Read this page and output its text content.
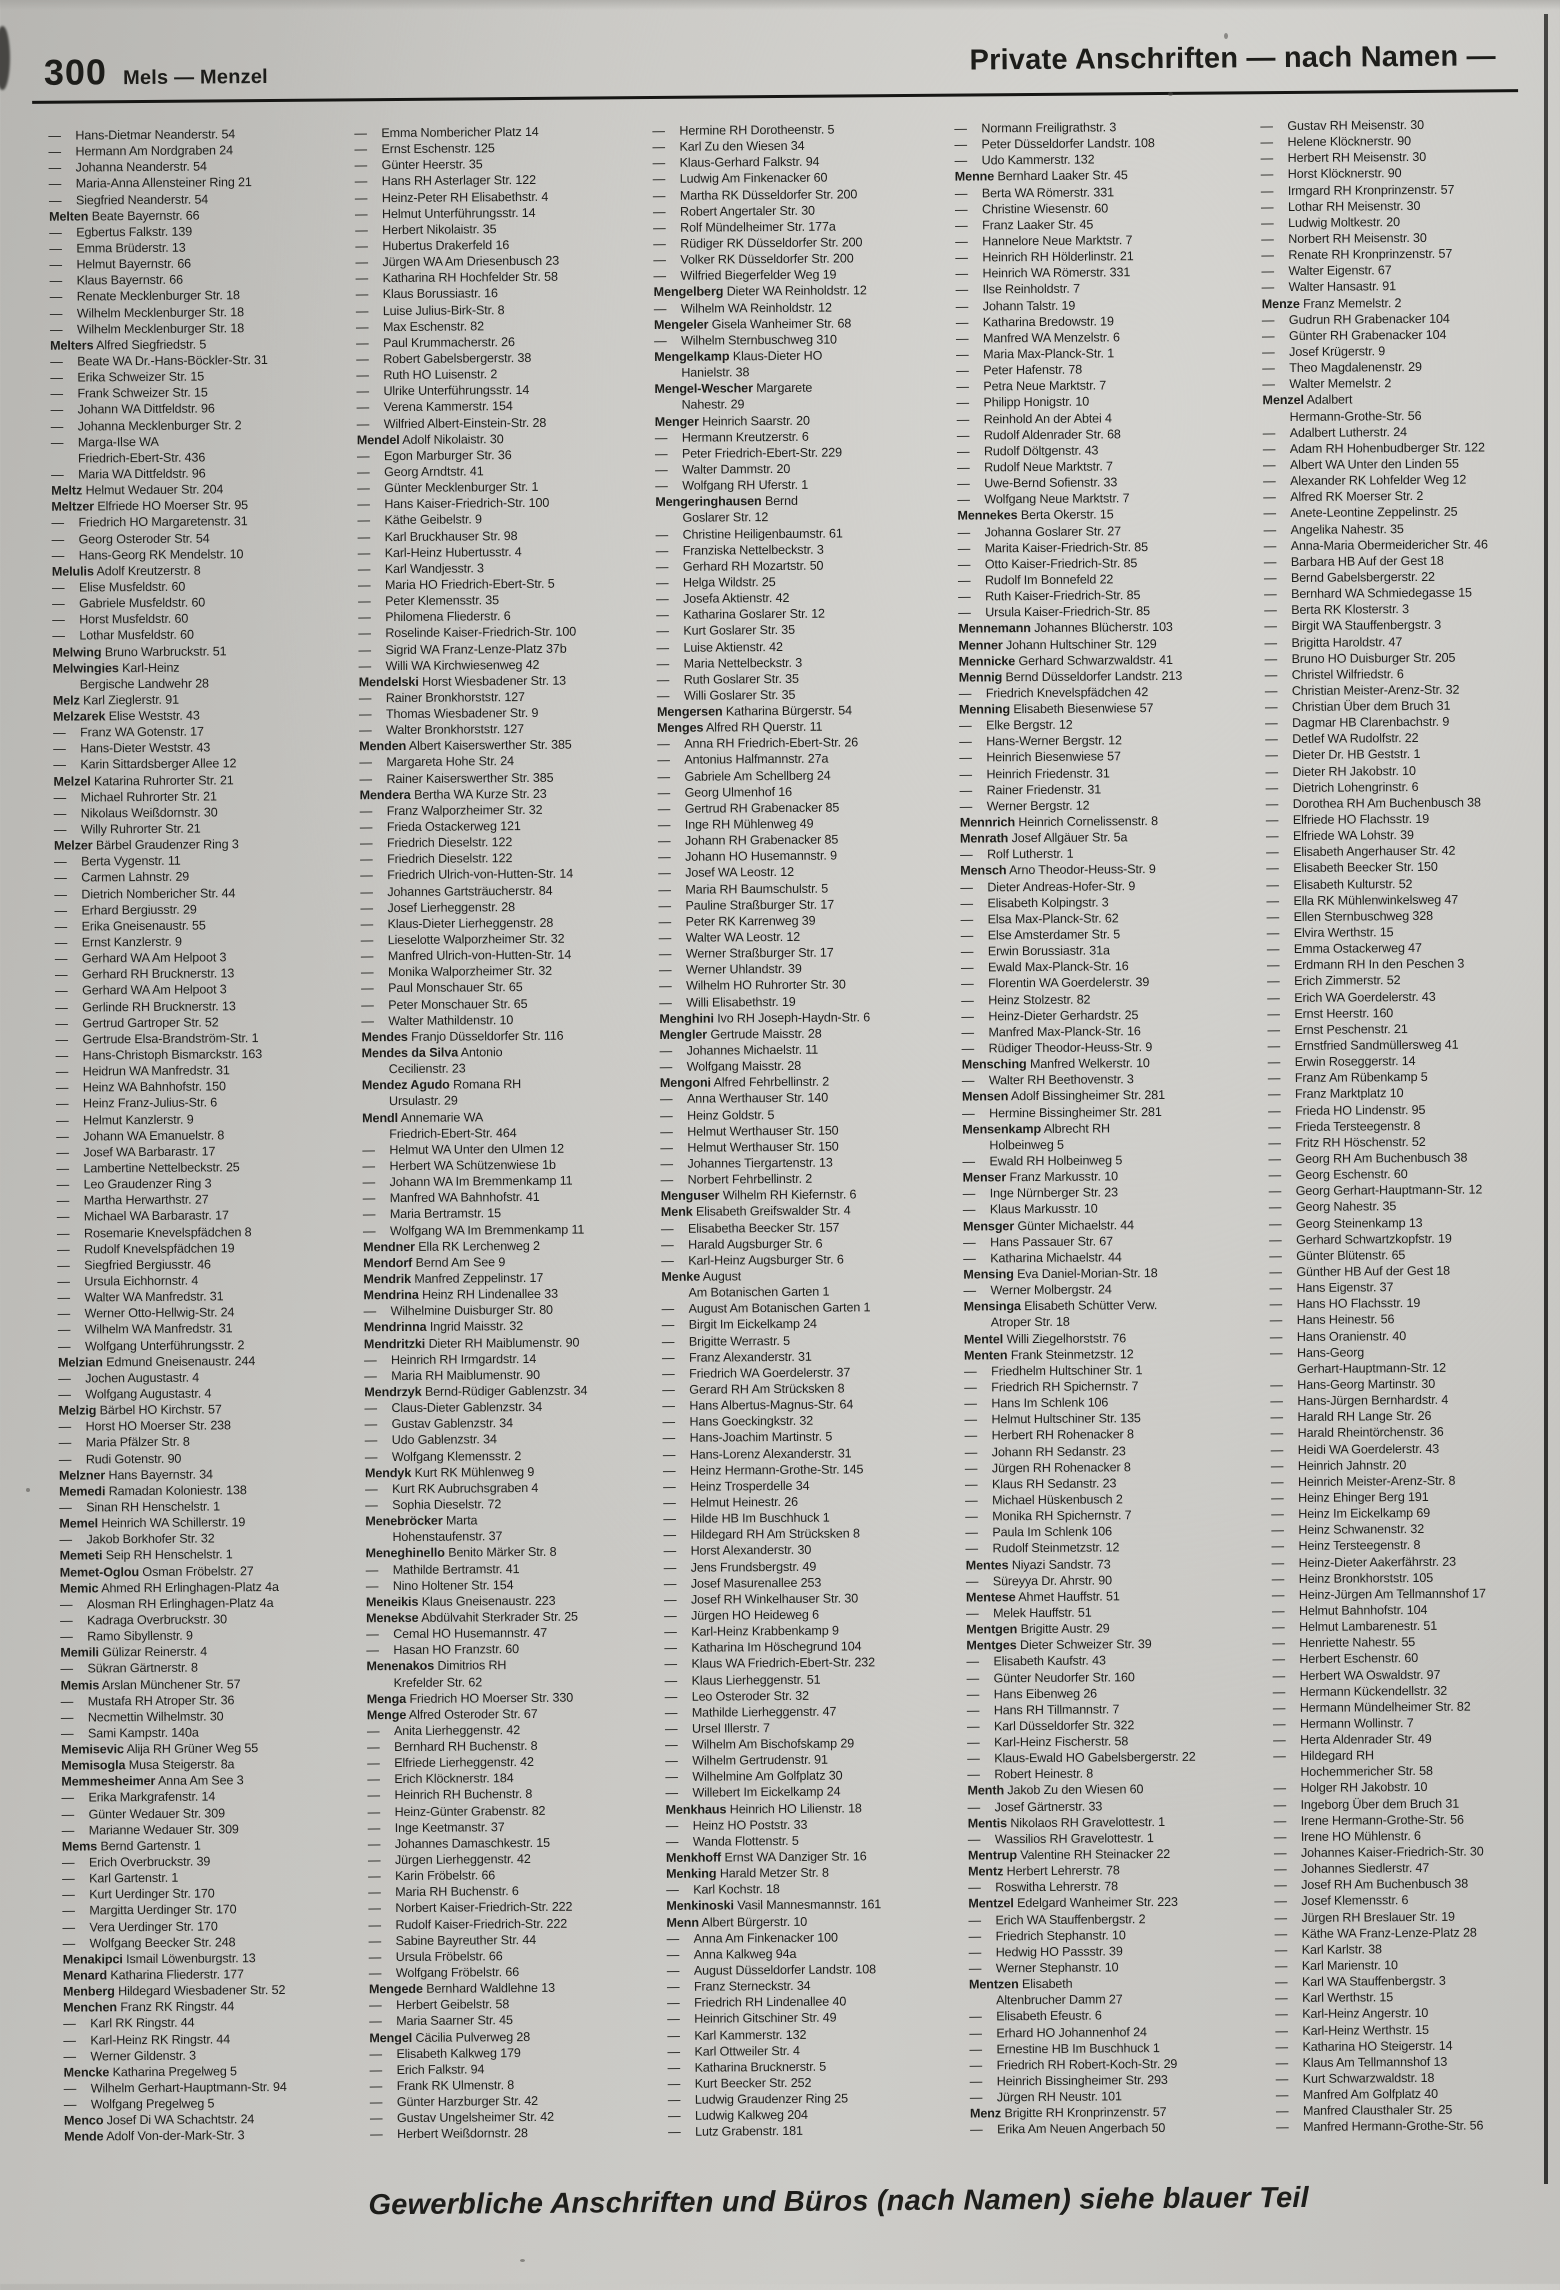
300 Mels — Menzel
Private Anschriften — nach Namen —
—	Hans-Dietmar Neanderstr. 54
—	Hermann Am Nordgraben 24
—	Johanna Neanderstr. 54
—	Maria-Anna Allensteiner Ring 21
—	Siegfried Neanderstr. 54
Melten Beate Bayernstr. 66
—	Egbertus Falkstr. 139
—	Emma Brüderstr. 13
—	Helmut Bayernstr. 66
—	Klaus Bayernstr. 66
—	Renate Mecklenburger Str. 18
—	Wilhelm Mecklenburger Str. 18
—	Wilhelm Mecklenburger Str. 18
Melters Alfred Siegfriedstr. 5
—	Beate WA Dr.-Hans-Böckler-Str. 31
—	Erika Schweizer Str. 15
—	Frank Schweizer Str. 15
—	Johann WA Dittfeldstr. 96
—	Johanna Mecklenburger Str. 2
—	Marga-Ilse WA
Friedrich-Ebert-Str. 436
—	Maria WA Dittfeldstr. 96
Meltz Helmut Wedauer Str. 204
Meltzer Elfriede HO Moerser Str. 95
—	Friedrich HO Margaretenstr. 31
—	Georg Osteroder Str. 54
—	Hans-Georg RK Mendelstr. 10
Melulis Adolf Kreutzerstr. 8
—	Elise Musfeldstr. 60
—	Gabriele Musfeldstr. 60
—	Horst Musfeldstr. 60
—	Lothar Musfeldstr. 60
Melwing Bruno Warbruckstr. 51
Melwingies Karl-Heinz
Bergische Landwehr 28
Melz Karl Zieglerstr. 91
Melzarek Elise Weststr. 43
—	Franz WA Gotenstr. 17
—	Hans-Dieter Weststr. 43
—	Karin Sittardsberger Allee 12
Melzel Katarina Ruhrorter Str. 21
—	Michael Ruhrorter Str. 21
—	Nikolaus Weißdornstr. 30
—	Willy Ruhrorter Str. 21
Melzer Bärbel Graudenzer Ring 3
—	Berta Vygenstr. 11
—	Carmen Lahnstr. 29
—	Dietrich Nombericher Str. 44
—	Erhard Bergiusstr. 29
—	Erika Gneisenaustr. 55
—	Ernst Kanzlerstr. 9
—	Gerhard WA Am Helpoot 3
—	Gerhard RH Brucknerstr. 13
—	Gerhard WA Am Helpoot 3
—	Gerlinde RH Brucknerstr. 13
—	Gertrud Gartroper Str. 52
—	Gertrude Elsa-Brandström-Str. 1
—	Hans-Christoph Bismarckstr. 163
—	Heidrun WA Manfredstr. 31
—	Heinz WA Bahnhofstr. 150
—	Heinz Franz-Julius-Str. 6
—	Helmut Kanzlerstr. 9
—	Johann WA Emanuelstr. 8
—	Josef WA Barbarastr. 17
—	Lambertine Nettelbeckstr. 25
—	Leo Graudenzer Ring 3
—	Martha Herwarthstr. 27
—	Michael WA Barbarastr. 17
—	Rosemarie Knevelspfädchen 8
—	Rudolf Knevelspfädchen 19
—	Siegfried Bergiusstr. 46
—	Ursula Eichhornstr. 4
—	Walter WA Manfredstr. 31
—	Werner Otto-Hellwig-Str. 24
—	Wilhelm WA Manfredstr. 31
—	Wolfgang Unterführungsstr. 2
Melzian Edmund Gneisenaustr. 244
—	Jochen Augustastr. 4
—	Wolfgang Augustastr. 4
Melzig Bärbel HO Kirchstr. 57
—	Horst HO Moerser Str. 238
—	Maria Pfälzer Str. 8
—	Rudi Gotenstr. 90
Melzner Hans Bayernstr. 34
Memedi Ramadan Koloniestr. 138
—	Sinan RH Henschelstr. 1
Memel Heinrich WA Schillerstr. 19
—	Jakob Borkhofer Str. 32
Memeti Seip RH Henschelstr. 1
Memet-Oglou Osman Fröbelstr. 27
Memic Ahmed RH Erlinghagen-Platz 4a
—	Alosman RH Erlinghagen-Platz 4a
—	Kadraga Overbruckstr. 30
—	Ramo Sibyllenstr. 9
Memili Gülizar Reinerstr. 4
—	Sükran Gärtnerstr. 8
Memis Arslan Münchener Str. 57
—	Mustafa RH Atroper Str. 36
—	Necmettin Wilhelmstr. 30
—	Sami Kampstr. 140a
Memisevic Alija RH Grüner Weg 55
Memisogla Musa Steigerstr. 8a
Memmesheimer Anna Am See 3
—	Erika Markgrafenstr. 14
—	Günter Wedauer Str. 309
—	Marianne Wedauer Str. 309
Mems Bernd Gartenstr. 1
—	Erich Overbruckstr. 39
—	Karl Gartenstr. 1
—	Kurt Uerdinger Str. 170
—	Margitta Uerdinger Str. 170
—	Vera Uerdinger Str. 170
—	Wolfgang Beecker Str. 248
Menakipci Ismail Löwenburgstr. 13
Menard Katharina Fliederstr. 177
Menberg Hildegard Wiesbadener Str. 52
Menchen Franz RK Ringstr. 44
—	Karl RK Ringstr. 44
—	Karl-Heinz RK Ringstr. 44
—	Werner Gildenstr. 3
Mencke Katharina Pregelweg 5
—	Wilhelm Gerhart-Hauptmann-Str. 94
—	Wolfgang Pregelweg 5
Menco Josef Di WA Schachtstr. 24
Mende Adolf Von-der-Mark-Str. 3
—	Emma Nombericher Platz 14
—	Ernst Eschenstr. 125
—	Günter Heerstr. 35
—	Hans RH Asterlager Str. 122
—	Heinz-Peter RH Elisabethstr. 4
—	Helmut Unterführungsstr. 14
—	Herbert Nikolaistr. 35
—	Hubertus Drakerfeld 16
—	Jürgen WA Am Driesenbusch 23
—	Katharina RH Hochfelder Str. 58
—	Klaus Borussiastr. 16
—	Luise Julius-Birk-Str. 8
—	Max Eschenstr. 82
—	Paul Krummacherstr. 26
—	Robert Gabelsbergerstr. 38
—	Ruth HO Luisenstr. 2
—	Ulrike Unterführungsstr. 14
—	Verena Kammerstr. 154
—	Wilfried Albert-Einstein-Str. 28
Mendel Adolf Nikolaistr. 30
—	Egon Marburger Str. 36
—	Georg Arndtstr. 41
—	Günter Mecklenburger Str. 1
—	Hans Kaiser-Friedrich-Str. 100
—	Käthe Geibelstr. 9
—	Karl Bruckhauser Str. 98
—	Karl-Heinz Hubertusstr. 4
—	Karl Wandjesstr. 3
—	Maria HO Friedrich-Ebert-Str. 5
—	Peter Klemensstr. 35
—	Philomena Fliederstr. 6
—	Roselinde Kaiser-Friedrich-Str. 100
—	Sigrid WA Franz-Lenze-Platz 37b
—	Willi WA Kirchwiesenweg 42
Mendelski Horst Wiesbadener Str. 13
—	Rainer Bronkhorststr. 127
—	Thomas Wiesbadener Str. 9
—	Walter Bronkhorststr. 127
Menden Albert Kaiserswerther Str. 385
—	Margareta Hohe Str. 24
—	Rainer Kaiserswerther Str. 385
Mendera Bertha WA Kurze Str. 23
—	Franz Walporzheimer Str. 32
—	Frieda Ostackerweg 121
—	Friedrich Dieselstr. 122
—	Friedrich Dieselstr. 122
—	Friedrich Ulrich-von-Hutten-Str. 14
—	Johannes Gartsträucherstr. 84
—	Josef Lierheggenstr. 28
—	Klaus-Dieter Lierheggenstr. 28
—	Lieselotte Walporzheimer Str. 32
—	Manfred Ulrich-von-Hutten-Str. 14
—	Monika Walporzheimer Str. 32
—	Paul Monschauer Str. 65
—	Peter Monschauer Str. 65
—	Walter Mathildenstr. 10
Mendes Franjo Düsseldorfer Str. 116
Mendes da Silva Antonio
Cecilienstr. 23
Mendez Agudo Romana RH
Ursulastr. 29
Mendl Annemarie WA
Friedrich-Ebert-Str. 464
—	Helmut WA Unter den Ulmen 12
—	Herbert WA Schützenwiese 1b
—	Johann WA Im Bremmenkamp 11
—	Manfred WA Bahnhofstr. 41
—	Maria Bertramstr. 15
—	Wolfgang WA Im Bremmenkamp 11
Mendner Ella RK Lerchenweg 2
Mendorf Bernd Am See 9
Mendrik Manfred Zeppelinstr. 17
Mendrina Heinz RH Lindenallee 33
—	Wilhelmine Duisburger Str. 80
Mendrinna Ingrid Maisstr. 32
Mendritzki Dieter RH Maiblumenstr. 90
—	Heinrich RH Irmgardstr. 14
—	Maria RH Maiblumenstr. 90
Mendrzyk Bernd-Rüdiger Gablenzstr. 34
—	Claus-Dieter Gablenzstr. 34
—	Gustav Gablenzstr. 34
—	Udo Gablenzstr. 34
—	Wolfgang Klemensstr. 2
Mendyk Kurt RK Mühlenweg 9
—	Kurt RK Aubruchsgraben 4
—	Sophia Dieselstr. 72
Menebröcker Marta
Hohenstaufenstr. 37
Meneghinello Benito Märker Str. 8
—	Mathilde Bertramstr. 41
—	Nino Holtener Str. 154
Meneikis Klaus Gneisenaustr. 223
Menekse Abdülvahit Sterkrader Str. 25
—	Cemal HO Husemannstr. 47
—	Hasan HO Franzstr. 60
Menenakos Dimitrios RH
Krefelder Str. 62
Menga Friedrich HO Moerser Str. 330
Menge Alfred Osteroder Str. 67
—	Anita Lierheggenstr. 42
—	Bernhard RH Buchenstr. 8
—	Elfriede Lierheggenstr. 42
—	Erich Klöcknerstr. 184
—	Heinrich RH Buchenstr. 8
—	Heinz-Günter Grabenstr. 82
—	Inge Keetmanstr. 37
—	Johannes Damaschkestr. 15
—	Jürgen Lierheggenstr. 42
—	Karin Fröbelstr. 66
—	Maria RH Buchenstr. 6
—	Norbert Kaiser-Friedrich-Str. 222
—	Rudolf Kaiser-Friedrich-Str. 222
—	Sabine Bayreuther Str. 44
—	Ursula Fröbelstr. 66
—	Wolfgang Fröbelstr. 66
Mengede Bernhard Waldlehne 13
—	Herbert Geibelstr. 58
—	Maria Saarner Str. 45
Mengel Cäcilia Pulverweg 28
—	Elisabeth Kalkweg 179
—	Erich Falkstr. 94
—	Frank RK Ulmenstr. 8
—	Günter Harzburger Str. 42
—	Gustav Ungelsheimer Str. 42
—	Herbert Weißdornstr. 28
—	Hermine RH Dorotheenstr. 5
—	Karl Zu den Wiesen 34
—	Klaus-Gerhard Falkstr. 94
—	Ludwig Am Finkenacker 60
—	Martha RK Düsseldorfer Str. 200
—	Robert Angertaler Str. 30
—	Rolf Mündelheimer Str. 177a
—	Rüdiger RK Düsseldorfer Str. 200
—	Volker RK Düsseldorfer Str. 200
—	Wilfried Biegerfelder Weg 19
Mengelberg Dieter WA Reinholdstr. 12
—	Wilhelm WA Reinholdstr. 12
Mengeler Gisela Wanheimer Str. 68
—	Wilhelm Sternbuschweg 310
Mengelkamp Klaus-Dieter HO
Hanielstr. 38
Mengel-Wescher Margarete
Nahestr. 29
Menger Heinrich Saarstr. 20
—	Hermann Kreutzerstr. 6
—	Peter Friedrich-Ebert-Str. 229
—	Walter Dammstr. 20
—	Wolfgang RH Uferstr. 1
Mengeringhausen Bernd
Goslarer Str. 12
—	Christine Heiligenbaumstr. 61
—	Franziska Nettelbeckstr. 3
—	Gerhard RH Mozartstr. 50
—	Helga Wildstr. 25
—	Josefa Aktienstr. 42
—	Katharina Goslarer Str. 12
—	Kurt Goslarer Str. 35
—	Luise Aktienstr. 42
—	Maria Nettelbeckstr. 3
—	Ruth Goslarer Str. 35
—	Willi Goslarer Str. 35
Mengersen Katharina Bürgerstr. 54
Menges Alfred RH Querstr. 11
—	Anna RH Friedrich-Ebert-Str. 26
—	Antonius Halfmannstr. 27a
—	Gabriele Am Schellberg 24
—	Georg Ulmenhof 16
—	Gertrud RH Grabenacker 85
—	Inge RH Mühlenweg 49
—	Johann RH Grabenacker 85
—	Johann HO Husemannstr. 9
—	Josef WA Leostr. 12
—	Maria RH Baumschulstr. 5
—	Pauline Straßburger Str. 17
—	Peter RK Karrenweg 39
—	Walter WA Leostr. 12
—	Werner Straßburger Str. 17
—	Werner Uhlandstr. 39
—	Wilhelm HO Ruhrorter Str. 30
—	Willi Elisabethstr. 19
Menghini Ivo RH Joseph-Haydn-Str. 6
Mengler Gertrude Maisstr. 28
—	Johannes Michaelstr. 11
—	Wolfgang Maisstr. 28
Mengoni Alfred Fehrbellinstr. 2
—	Anna Werthauser Str. 140
—	Heinz Goldstr. 5
—	Helmut Werthauser Str. 150
—	Helmut Werthauser Str. 150
—	Johannes Tiergartenstr. 13
—	Norbert Fehrbellinstr. 2
Menguser Wilhelm RH Kiefernstr. 6
Menk Elisabeth Greifswalder Str. 4
—	Elisabetha Beecker Str. 157
—	Harald Augsburger Str. 6
—	Karl-Heinz Augsburger Str. 6
Menke August
Am Botanischen Garten 1
—	August Am Botanischen Garten 1
—	Birgit Im Eickelkamp 24
—	Brigitte Werrastr. 5
—	Franz Alexanderstr. 31
—	Friedrich WA Goerdelerstr. 37
—	Gerard RH Am Strücksken 8
—	Hans Albertus-Magnus-Str. 64
—	Hans Goeckingkstr. 32
—	Hans-Joachim Martinstr. 5
—	Hans-Lorenz Alexanderstr. 31
—	Heinz Hermann-Grothe-Str. 145
—	Heinz Trosperdelle 34
—	Helmut Heinestr. 26
—	Hilde HB Im Buschhuck 1
—	Hildegard RH Am Strücksken 8
—	Horst Alexanderstr. 30
—	Jens Frundsbergstr. 49
—	Josef Masurenallee 253
—	Josef RH Winkelhauser Str. 30
—	Jürgen HO Heideweg 6
—	Karl-Heinz Krabbenkamp 9
—	Katharina Im Höschegrund 104
—	Klaus WA Friedrich-Ebert-Str. 232
—	Klaus Lierheggenstr. 51
—	Leo Osteroder Str. 32
—	Mathilde Lierheggenstr. 47
—	Ursel Illerstr. 7
—	Wilhelm Am Bischofskamp 29
—	Wilhelm Gertrudenstr. 91
—	Wilhelmine Am Golfplatz 30
—	Willebert Im Eickelkamp 24
Menkhaus Heinrich HO Lilienstr. 18
—	Heinz HO Poststr. 33
—	Wanda Flottenstr. 5
Menkhoff Ernst WA Danziger Str. 16
Menking Harald Metzer Str. 8
—	Karl Kochstr. 18
Menkinoski Vasil Mannesmannstr. 161
Menn Albert Bürgerstr. 10
—	Anna Am Finkenacker 100
—	Anna Kalkweg 94a
—	August Düsseldorfer Landstr. 108
—	Franz Sterneckstr. 34
—	Friedrich RH Lindenallee 40
—	Heinrich Gitschiner Str. 49
—	Karl Kammerstr. 132
—	Karl Ottweiler Str. 4
—	Katharina Brucknerstr. 5
—	Kurt Beecker Str. 252
—	Ludwig Graudenzer Ring 25
—	Ludwig Kalkweg 204
—	Lutz Grabenstr. 181
—	Normann Freiligrathstr. 3
—	Peter Düsseldorfer Landstr. 108
—	Udo Kammerstr. 132
Menne Bernhard Laaker Str. 45
—	Berta WA Römerstr. 331
—	Christine Wiesenstr. 60
—	Franz Laaker Str. 45
—	Hannelore Neue Marktstr. 7
—	Heinrich RH Hölderlinstr. 21
—	Heinrich WA Römerstr. 331
—	Ilse Reinholdstr. 7
—	Johann Talstr. 19
—	Katharina Bredowstr. 19
—	Manfred WA Menzelstr. 6
—	Maria Max-Planck-Str. 1
—	Peter Hafenstr. 78
—	Petra Neue Marktstr. 7
—	Philipp Honigstr. 10
—	Reinhold An der Abtei 4
—	Rudolf Aldenrader Str. 68
—	Rudolf Döltgenstr. 43
—	Rudolf Neue Marktstr. 7
—	Uwe-Bernd Sofienstr. 33
—	Wolfgang Neue Marktstr. 7
Mennekes Berta Okerstr. 15
—	Johanna Goslarer Str. 27
—	Marita Kaiser-Friedrich-Str. 85
—	Otto Kaiser-Friedrich-Str. 85
—	Rudolf Im Bonnefeld 22
—	Ruth Kaiser-Friedrich-Str. 85
—	Ursula Kaiser-Friedrich-Str. 85
Mennemann Johannes Blücherstr. 103
Menner Johann Hultschiner Str. 129
Mennicke Gerhard Schwarzwaldstr. 41
Mennig Bernd Düsseldorfer Landstr. 213
—	Friedrich Knevelspfädchen 42
Menning Elisabeth Biesenwiese 57
—	Elke Bergstr. 12
—	Hans-Werner Bergstr. 12
—	Heinrich Biesenwiese 57
—	Heinrich Friedenstr. 31
—	Rainer Friedenstr. 31
—	Werner Bergstr. 12
Mennrich Heinrich Cornelissenstr. 8
Menrath Josef Allgäuer Str. 5a
—	Rolf Lutherstr. 1
Mensch Arno Theodor-Heuss-Str. 9
—	Dieter Andreas-Hofer-Str. 9
—	Elisabeth Kolpingstr. 3
—	Elsa Max-Planck-Str. 62
—	Else Amsterdamer Str. 5
—	Erwin Borussiastr. 31a
—	Ewald Max-Planck-Str. 16
—	Florentin WA Goerdelerstr. 39
—	Heinz Stolzestr. 82
—	Heinz-Dieter Gerhardstr. 25
—	Manfred Max-Planck-Str. 16
—	Rüdiger Theodor-Heuss-Str. 9
Mensching Manfred Welkerstr. 10
—	Walter RH Beethovenstr. 3
Mensen Adolf Bissingheimer Str. 281
—	Hermine Bissingheimer Str. 281
Mensenkamp Albrecht RH
Holbeinweg 5
—	Ewald RH Holbeinweg 5
Menser Franz Markusstr. 10
—	Inge Nürnberger Str. 23
—	Klaus Markusstr. 10
Mensger Günter Michaelstr. 44
—	Hans Passauer Str. 67
—	Katharina Michaelstr. 44
Mensing Eva Daniel-Morian-Str. 18
—	Werner Molbergstr. 24
Mensinga Elisabeth Schütter Verw.
Atroper Str. 18
Mentel Willi Ziegelhorststr. 76
Menten Frank Steinmetzstr. 12
—	Friedhelm Hultschiner Str. 1
—	Friedrich RH Spichernstr. 7
—	Hans Im Schlenk 106
—	Helmut Hultschiner Str. 135
—	Herbert RH Rohenacker 8
—	Johann RH Sedanstr. 23
—	Jürgen RH Rohenacker 8
—	Klaus RH Sedanstr. 23
—	Michael Hüskenbusch 2
—	Monika RH Spichernstr. 7
—	Paula Im Schlenk 106
—	Rudolf Steinmetzstr. 12
Mentes Niyazi Sandstr. 73
—	Süreyya Dr. Ahrstr. 90
Mentese Ahmet Hauffstr. 51
—	Melek Hauffstr. 51
Mentgen Brigitte Austr. 29
Mentges Dieter Schweizer Str. 39
—	Elisabeth Kaufstr. 43
—	Günter Neudorfer Str. 160
—	Hans Eibenweg 26
—	Hans RH Tillmannstr. 7
—	Karl Düsseldorfer Str. 322
—	Karl-Heinz Fischerstr. 58
—	Klaus-Ewald HO Gabelsbergerstr. 22
—	Robert Heinestr. 8
Menth Jakob Zu den Wiesen 60
—	Josef Gärtnerstr. 33
Mentis Nikolaos RH Gravelottestr. 1
—	Wassilios RH Gravelottestr. 1
Mentrup Valentine RH Steinacker 22
Mentz Herbert Lehrerstr. 78
—	Roswitha Lehrerstr. 78
Mentzel Edelgard Wanheimer Str. 223
—	Erich WA Stauffenbergstr. 2
—	Friedrich Stephanstr. 10
—	Hedwig HO Passstr. 39
—	Werner Stephanstr. 10
Mentzen Elisabeth
Altenbrucher Damm 27
—	Elisabeth Efeustr. 6
—	Erhard HO Johannenhof 24
—	Ernestine HB Im Buschhuck 1
—	Friedrich RH Robert-Koch-Str. 29
—	Heinrich Bissingheimer Str. 293
—	Jürgen RH Neustr. 101
Menz Brigitte RH Kronprinzenstr. 57
—	Erika Am Neuen Angerbach 50
—	Gustav RH Meisenstr. 30
—	Helene Klöcknerstr. 90
—	Herbert RH Meisenstr. 30
—	Horst Klöcknerstr. 90
—	Irmgard RH Kronprinzenstr. 57
—	Lothar RH Meisenstr. 30
—	Ludwig Moltkestr. 20
—	Norbert RH Meisenstr. 30
—	Renate RH Kronprinzenstr. 57
—	Walter Eigenstr. 67
—	Walter Hansastr. 91
Menze Franz Memelstr. 2
—	Gudrun RH Grabenacker 104
—	Günter RH Grabenacker 104
—	Josef Krügerstr. 9
—	Theo Magdalenenstr. 29
—	Walter Memelstr. 2
Menzel Adalbert
Hermann-Grothe-Str. 56
—	Adalbert Lutherstr. 24
—	Adam RH Hohenbudberger Str. 122
—	Albert WA Unter den Linden 55
—	Alexander RK Lohfelder Weg 12
—	Alfred RK Moerser Str. 2
—	Anete-Leontine Zeppelinstr. 25
—	Angelika Nahestr. 35
—	Anna-Maria Obermeidericher Str. 46
—	Barbara HB Auf der Gest 18
—	Bernd Gabelsbergerstr. 22
—	Bernhard WA Schmiedegasse 15
—	Berta RK Klosterstr. 3
—	Birgit WA Stauffenbergstr. 3
—	Brigitta Haroldstr. 47
—	Bruno HO Duisburger Str. 205
—	Christel Wilfriedstr. 6
—	Christian Meister-Arenz-Str. 32
—	Christian Über dem Bruch 31
—	Dagmar HB Clarenbachstr. 9
—	Detlef WA Rudolfstr. 22
—	Dieter Dr. HB Geststr. 1
—	Dieter RH Jakobstr. 10
—	Dietrich Lohengrinstr. 6
—	Dorothea RH Am Buchenbusch 38
—	Elfriede HO Flachsstr. 19
—	Elfriede WA Lohstr. 39
—	Elisabeth Angerhauser Str. 42
—	Elisabeth Beecker Str. 150
—	Elisabeth Kulturstr. 52
—	Ella RK Mühlenwinkelsweg 47
—	Ellen Sternbuschweg 328
—	Elvira Werthstr. 15
—	Emma Ostackerweg 47
—	Erdmann RH In den Peschen 3
—	Erich Zimmerstr. 52
—	Erich WA Goerdelerstr. 43
—	Ernst Heerstr. 160
—	Ernst Peschenstr. 21
—	Ernstfried Sandmüllersweg 41
—	Erwin Roseggerstr. 14
—	Franz Am Rübenkamp 5
—	Franz Marktplatz 10
—	Frieda HO Lindenstr. 95
—	Frieda Tersteegenstr. 8
—	Fritz RH Höschenstr. 52
—	Georg RH Am Buchenbusch 38
—	Georg Eschenstr. 60
—	Georg Gerhart-Hauptmann-Str. 12
—	Georg Nahestr. 35
—	Georg Steinenkamp 13
—	Gerhard Schwartzkopfstr. 19
—	Günter Blütenstr. 65
—	Günther HB Auf der Gest 18
—	Hans Eigenstr. 37
—	Hans HO Flachsstr. 19
—	Hans Heinestr. 56
—	Hans Oranienstr. 40
—	Hans-Georg
Gerhart-Hauptmann-Str. 12
—	Hans-Georg Martinstr. 30
—	Hans-Jürgen Bernhardstr. 4
—	Harald RH Lange Str. 26
—	Harald Rheintörchenstr. 36
—	Heidi WA Goerdelerstr. 43
—	Heinrich Jahnstr. 20
—	Heinrich Meister-Arenz-Str. 8
—	Heinz Ehinger Berg 191
—	Heinz Im Eickelkamp 69
—	Heinz Schwanenstr. 32
—	Heinz Tersteegenstr. 8
—	Heinz-Dieter Aakerfährstr. 23
—	Heinz Bronkhorststr. 105
—	Heinz-Jürgen Am Tellmannshof 17
—	Helmut Bahnhofstr. 104
—	Helmut Lambarenestr. 51
—	Henriette Nahestr. 55
—	Herbert Eschenstr. 60
—	Herbert WA Oswaldstr. 97
—	Hermann Kückendellstr. 32
—	Hermann Mündelheimer Str. 82
—	Hermann Wollinstr. 7
—	Herta Aldenrader Str. 49
—	Hildegard RH
Hochemmericher Str. 58
—	Holger RH Jakobstr. 10
—	Ingeborg Über dem Bruch 31
—	Irene Hermann-Grothe-Str. 56
—	Irene HO Mühlenstr. 6
—	Johannes Kaiser-Friedrich-Str. 30
—	Johannes Siedlerstr. 47
—	Josef RH Am Buchenbusch 38
—	Josef Klemensstr. 6
—	Jürgen RH Breslauer Str. 19
—	Käthe WA Franz-Lenze-Platz 28
—	Karl Karlstr. 38
—	Karl Marienstr. 10
—	Karl WA Stauffenbergstr. 3
—	Karl Werthstr. 15
—	Karl-Heinz Angerstr. 10
—	Karl-Heinz Werthstr. 15
—	Katharina HO Steigerstr. 14
—	Klaus Am Tellmannshof 13
—	Kurt Schwarzwaldstr. 18
—	Manfred Am Golfplatz 40
—	Manfred Clausthaler Str. 25
—	Manfred Hermann-Grothe-Str. 56
Gewerbliche Anschriften und Büros (nach Namen) siehe blauer Teil
